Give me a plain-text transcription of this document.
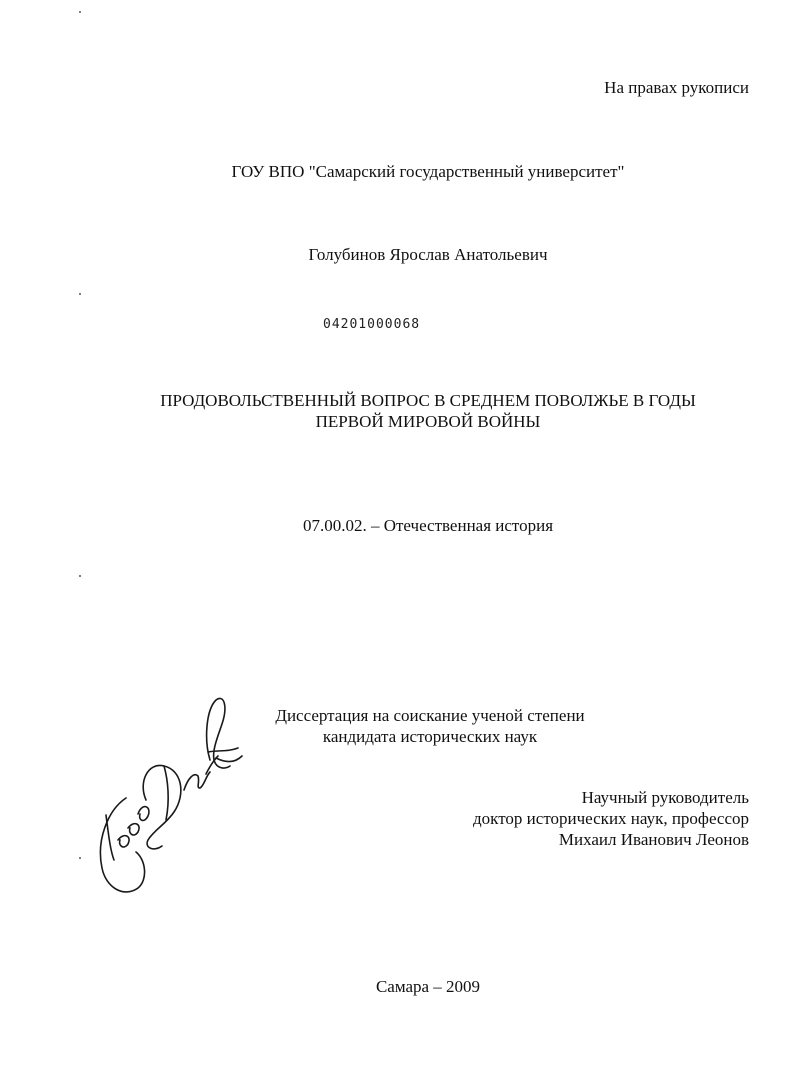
На правах рукописи
ГОУ ВПО "Самарский государственный университет"
Голубинов Ярослав Анатольевич
04201000068
ПРОДОВОЛЬСТВЕННЫЙ ВОПРОС В СРЕДНЕМ ПОВОЛЖЬЕ В ГОДЫ
ПЕРВОЙ МИРОВОЙ ВОЙНЫ
07.00.02. – Отечественная история
Диссертация на соискание ученой степени
кандидата исторических наук
Научный руководитель
доктор исторических наук, профессор
Михаил Иванович Леонов
Самара – 2009
